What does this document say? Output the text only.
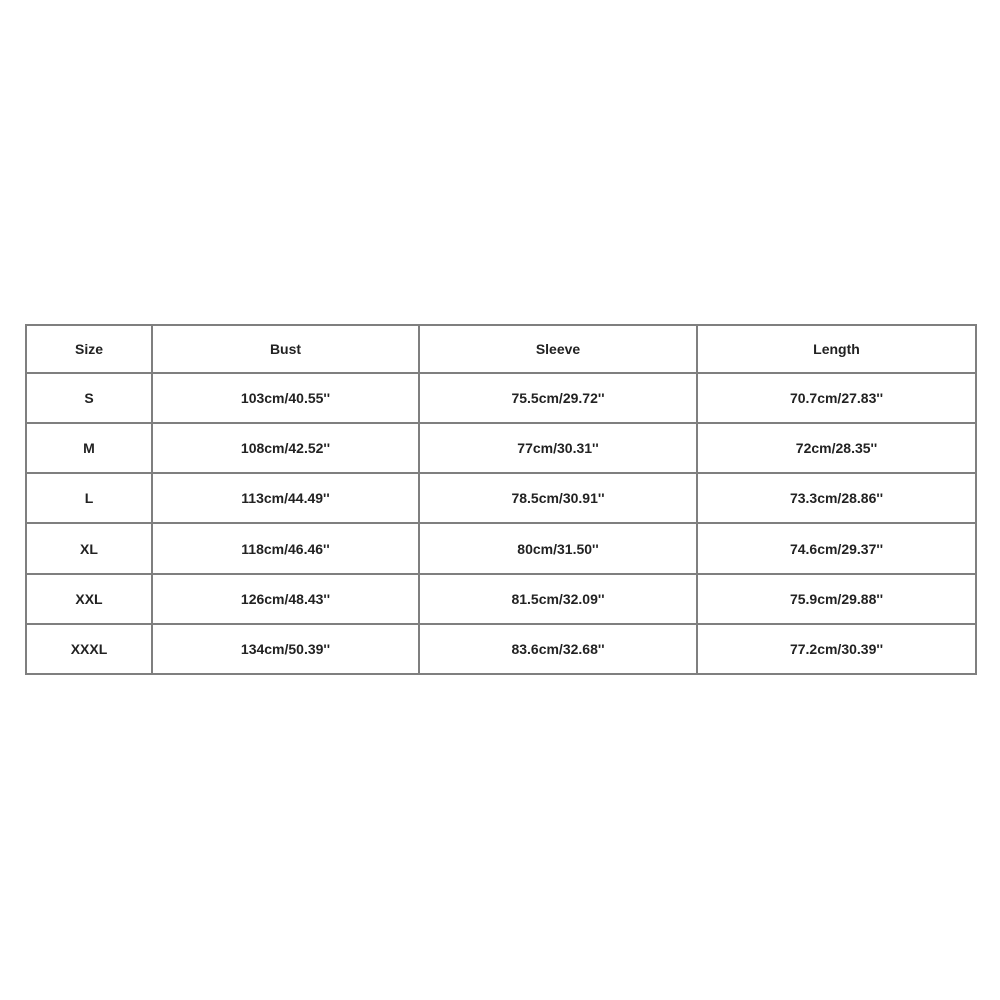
Size	Bust	Sleeve	Length
S	103cm/40.55''	75.5cm/29.72''	70.7cm/27.83''
M	108cm/42.52''	77cm/30.31''	72cm/28.35''
L	113cm/44.49''	78.5cm/30.91''	73.3cm/28.86''
XL	118cm/46.46''	80cm/31.50''	74.6cm/29.37''
XXL	126cm/48.43''	81.5cm/32.09''	75.9cm/29.88''
XXXL	134cm/50.39''	83.6cm/32.68''	77.2cm/30.39''
